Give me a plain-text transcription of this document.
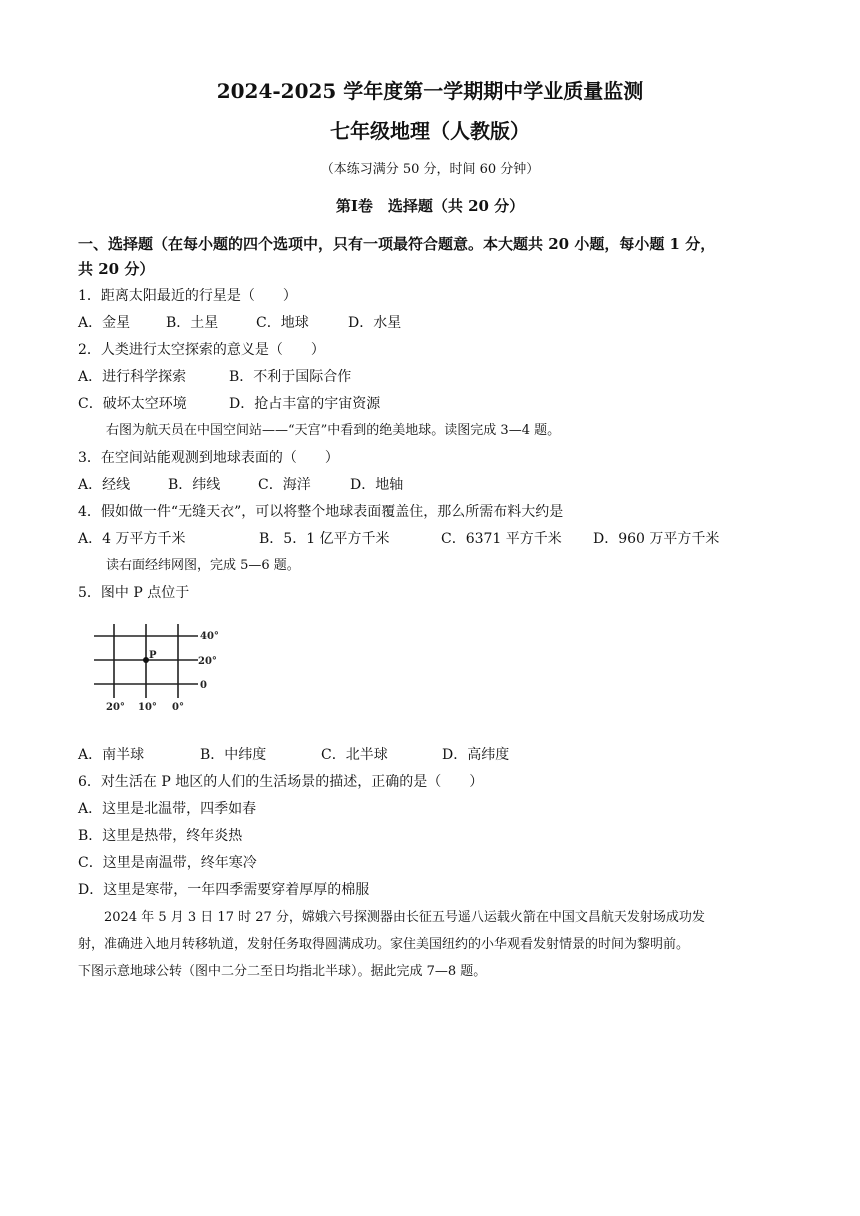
2024-2025 学年度第一学期期中学业质量监测
七年级地理（人教版）
（本练习满分 50 分，时间 60 分钟）
第Ⅰ卷　选择题（共 20 分）
一、选择题（在每小题的四个选项中，只有一项最符合题意。本大题共 20 小题，每小题 1 分，
共 20 分）
1．距离太阳最近的行星是（　　）
A．金星	B．土星	C．地球	D．水星
2．人类进行太空探索的意义是（　　）
A．进行科学探索	B．不利于国际合作
C．破坏太空环境	D．抢占丰富的宇宙资源
右图为航天员在中国空间站——“天宫”中看到的绝美地球。读图完成 3—4 题。
3．在空间站能观测到地球表面的（　　）
A．经线	B．纬线	C．海洋	D．地轴
4．假如做一件“无缝天衣”，可以将整个地球表面覆盖住，那么所需布料大约是
A．4 万平方千米	B．5．1 亿平方千米	C．6371 平方千米 D．960 万平方千米
读右面经纬网图，完成 5—6 题。
5．图中 P 点位于
P
40°
20°
0
20° 10° 0°
A．南半球	B．中纬度	C．北半球	D．高纬度
6．对生活在 P 地区的人们的生活场景的描述，正确的是（　　）
A．这里是北温带，四季如春
B．这里是热带，终年炎热
C．这里是南温带，终年寒冷
D．这里是寒带，一年四季需要穿着厚厚的棉服
2024 年 5 月 3 日 17 时 27 分，嫦娥六号探测器由长征五号遥八运载火箭在中国文昌航天发射场成功发
射，准确进入地月转移轨道，发射任务取得圆满成功。家住美国纽约的小华观看发射情景的时间为黎明前。
下图示意地球公转（图中二分二至日均指北半球）。据此完成 7—8 题。
